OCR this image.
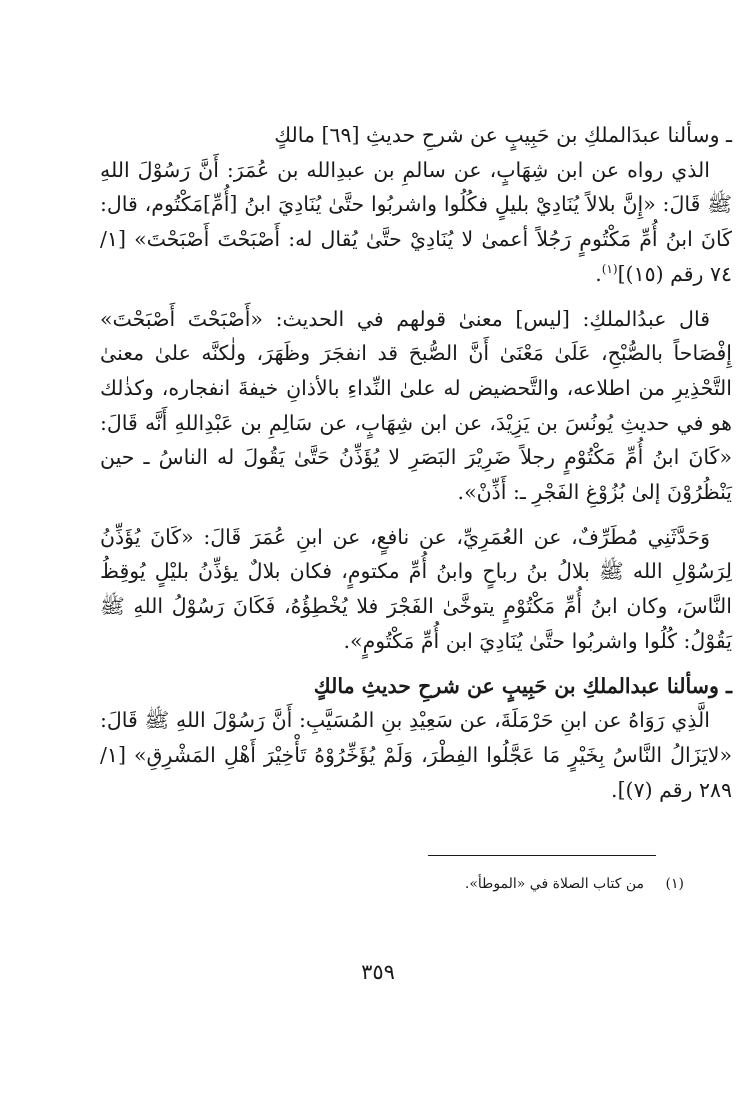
ـ وسألنا عبدَالملكِ بن حَبِيبٍ عن شرحِ حديثِ [٦٩] مالكٍ

الذي رواه عن ابن شِهَابٍ، عن سالمِ بن عبدِالله بن عُمَرَ: أَنَّ رَسُوْلَ اللهِ ﷺ قَالَ: «إِنَّ بلالاً يُنَادِيْ بليلٍ فكُلُوا واشربُوا حتَّىٰ يُنَادِيَ ابنُ [أُمِّ]مَكْتُوم، قال: كَانَ ابنُ أُمِّ مَكْتُومٍ رَجُلاً أعمىٰ لا يُنَادِيْ حتَّىٰ يُقال له: أَصْبَحْتَ أَصْبَحْتَ» [١/ ٧٤ رقم (١٥)]$^{(١)}$.

قال عبدُالملكِ: [ليس] معنىٰ قولهم في الحديث: «أَصْبَحْتَ أَصْبَحْتَ» إِفْصَاحاً بالصُّبْحِ، عَلَىٰ مَعْنَىٰ أَنَّ الصُّبحَ قد انفجَرَ وظَهَرَ، ولٰكنَّه علىٰ معنىٰ التَّحْذِيرِ من اطلاعه، والتَّحضيض له علىٰ النِّداءِ بالأذانِ خيفةَ انفجاره، وكذٰلك هو في حديثِ يُونُسَ بن يَزِيْدَ، عن ابن شِهَابٍ، عن سَالِمِ بن عَبْدِاللهِ أَنَّه قَالَ: «كَانَ ابنُ أُمِّ مَكْتُوْمٍ رجلاً ضَرِيْرَ البَصَرِ لا يُؤَذِّنُ حَتَّىٰ يَقُولَ له الناسُ ـ حين يَنْظُرُوْنَ إلىٰ بُزُوْغِ الفَجْرِ ـ: أَذِّنْ».

وَحَدَّثَنِي مُطَرِّفٌ، عن العُمَرِيِّ، عن نافعٍ، عن ابنِ عُمَرَ قَالَ: «كَانَ يُؤَذِّنُ لِرَسُوْلِ الله ﷺ بلالُ بنُ رباحٍ وابنُ أُمِّ مكتومٍ، فكان بلالٌ يؤذِّنُ بليْلٍ يُوقِظُ النَّاسَ، وكان ابنُ أُمِّ مَكْتُوْمٍ يتوخَّىٰ الفَجْرَ فلا يُخْطِؤُهُ، فَكَانَ رَسُوْلُ اللهِ ﷺ يَقُوْلُ: كُلُوا واشربُوا حتَّىٰ يُنَادِيَ ابن أُمِّ مَكْتُومٍ».

ـ وسألنا عبدالملكِ بن حَبِيبٍ عن شرحِ حديثِ مالكٍ

الَّذِي رَوَاهُ عن ابنِ حَرْمَلَةَ، عن سَعِيْدِ بنِ المُسَيَّبِ: أَنَّ رَسُوْلَ اللهِ ﷺ قَالَ: «لايَزَالُ النَّاسُ بِخَيْرٍ مَا عَجَّلُوا الفِطْرَ، وَلَمْ يُؤَخِّرُوْهُ تَأْخِيْرَ أَهْلِ المَشْرِقِ» [١/ ٢٨٩ رقم (٧)].

(١)من كتاب الصلاة في «الموطأ».
٣٥٩
